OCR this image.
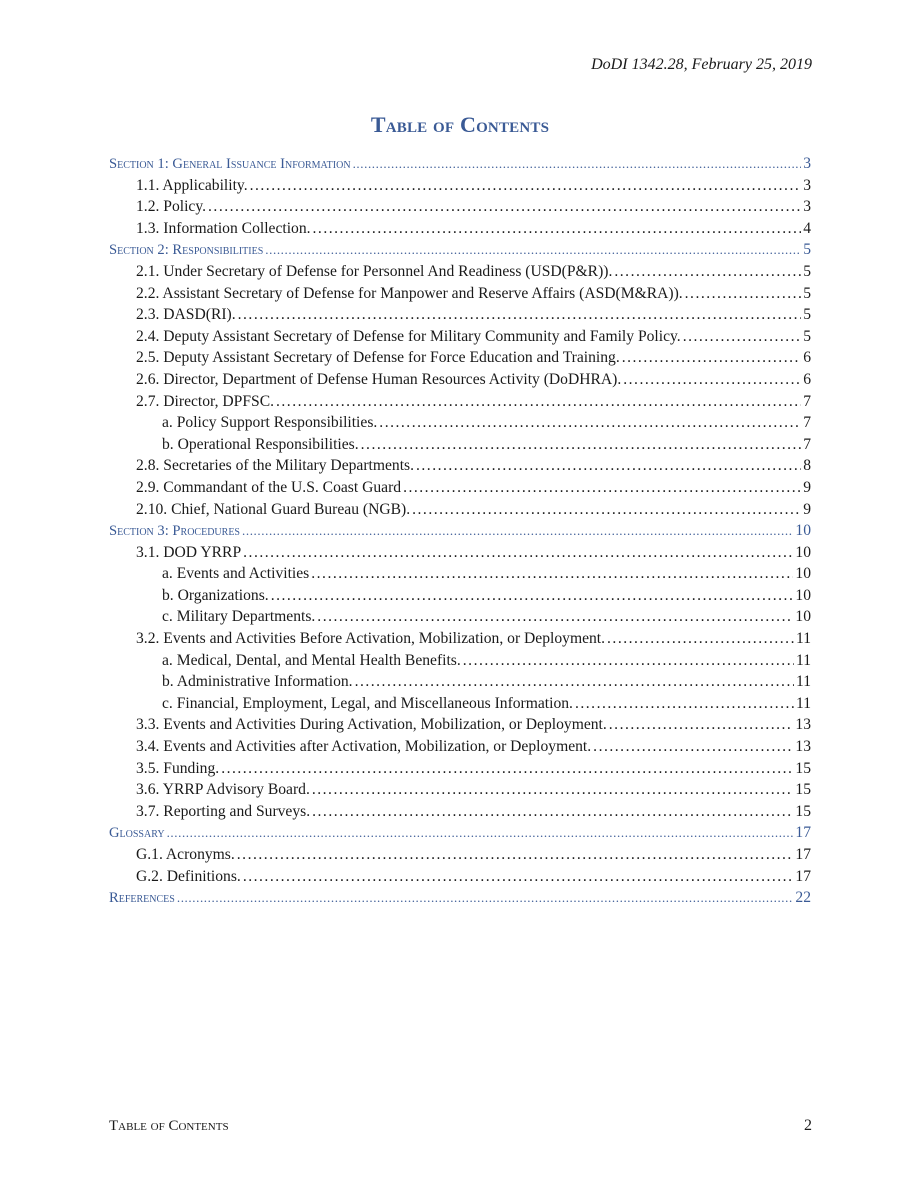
DoDI 1342.28, February 25, 2019
Table of Contents
Section 1: General Issuance Information .....	3
1.1. Applicability. .....	3
1.2. Policy. .....	3
1.3. Information Collection. .....	4
Section 2: Responsibilities .....	5
2.1. Under Secretary of Defense for Personnel And Readiness (USD(P&R)). .....	5
2.2. Assistant Secretary of Defense for Manpower and Reserve Affairs (ASD(M&RA)). .....	5
2.3. DASD(RI). .....	5
2.4. Deputy Assistant Secretary of Defense for Military Community and Family Policy. .....	5
2.5. Deputy Assistant Secretary of Defense for Force Education and Training. .....	6
2.6. Director, Department of Defense Human Resources Activity (DoDHRA). .....	6
2.7. Director, DPFSC. .....	7
a. Policy Support Responsibilities. .....	7
b. Operational Responsibilities. .....	7
2.8. Secretaries of the Military Departments. .....	8
2.9. Commandant of the U.S. Coast Guard .....	9
2.10. Chief, National Guard Bureau (NGB). .....	9
Section 3: Procedures .....	10
3.1. DOD YRRP .....	10
a. Events and Activities .....	10
b. Organizations. .....	10
c. Military Departments. .....	10
3.2. Events and Activities Before Activation, Mobilization, or Deployment. .....	11
a. Medical, Dental, and Mental Health Benefits. .....	11
b. Administrative Information. .....	11
c. Financial, Employment, Legal, and Miscellaneous Information. .....	11
3.3. Events and Activities During Activation, Mobilization, or Deployment. .....	13
3.4. Events and Activities after Activation, Mobilization, or Deployment. .....	13
3.5. Funding. .....	15
3.6. YRRP Advisory Board. .....	15
3.7. Reporting and Surveys. .....	15
Glossary .....	17
G.1. Acronyms. .....	17
G.2. Definitions. .....	17
References .....	22
Table of Contents	2
